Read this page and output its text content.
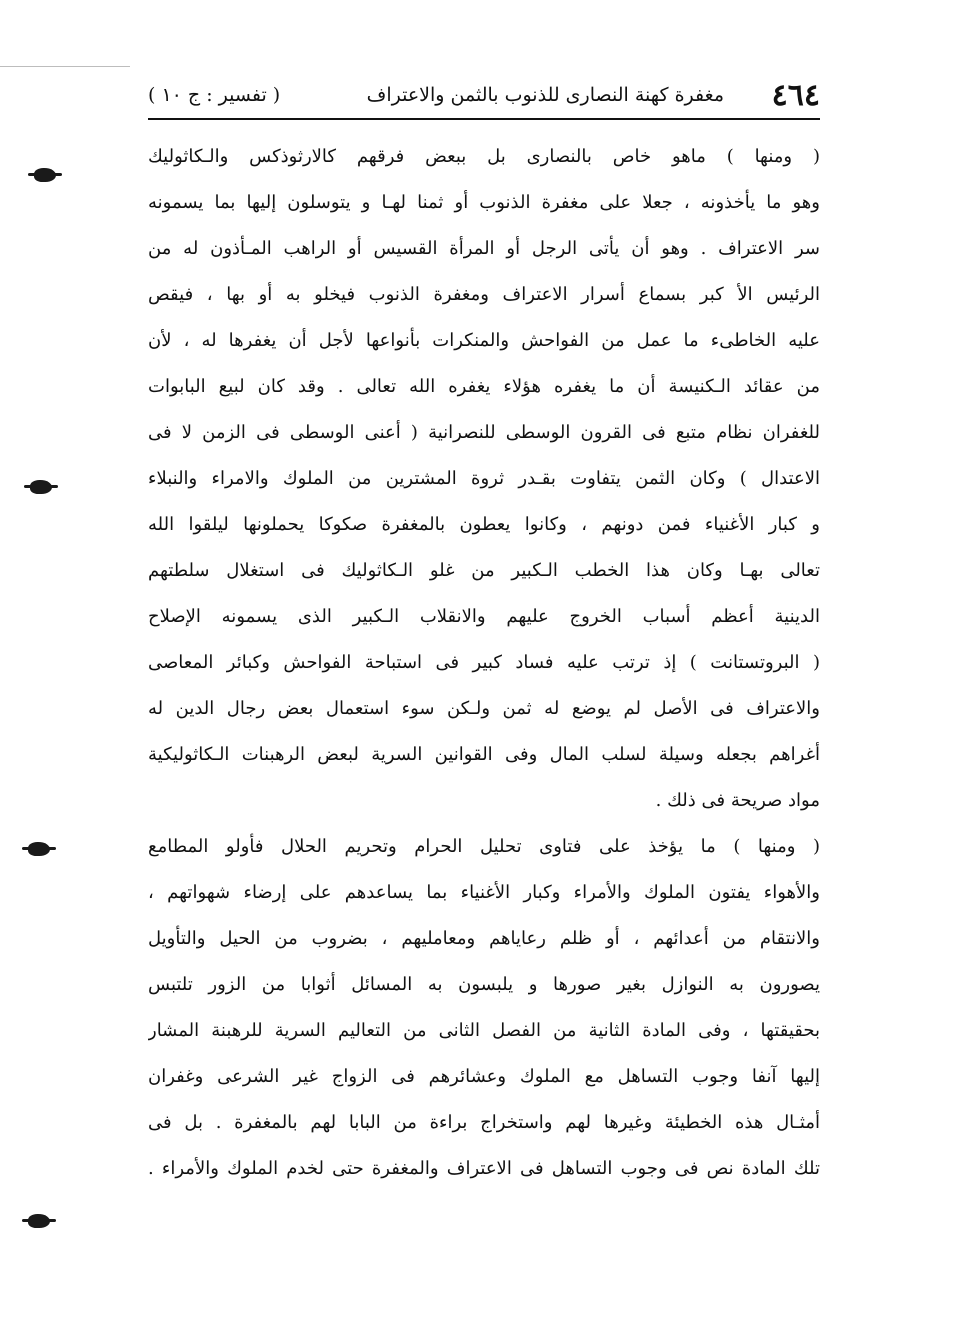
٤٦٤
مغفرة كهنة النصارى للذنوب بالثمن والاعتراف
( تفسير : ج ١٠ )
( ومنها ) ماهو خاص بالنصارى بل ببعض فرقهم كالارثوذكس والـكاثوليك
وهو ما يأخذونه ، جعلا على مغفرة الذنوب أو ثمنا لهـا و يتوسلون إليها بما يسمونه
سر الاعتراف . وهو أن يأتى الرجل أو المرأة القسيس أو الراهب المـأذون له من
الرئيس الأ كبر بسماع أسرار الاعتراف ومغفرة الذنوب فيخلو به أو بها ، فيقص
عليه الخاطىء ما عمل من الفواحش والمنكرات بأنواعها لأجل أن يغفرها له ، لأن
من عقائد الـكنيسة أن ما يغفره هؤلاء يغفره الله تعالى . وقد كان لبيع البابوات
للغفران نظام متبع فى القرون الوسطى للنصرانية ( أعنى الوسطى فى الزمن لا فى
الاعتدال ) وكان الثمن يتفاوت بقـدر ثروة المشترين من الملوك والامراء والنبلاء
و كبار الأغنياء فمن دونهم ، وكانوا يعطون بالمغفرة صكوكا يحملونها ليلقوا الله
تعالى بهـا وكان هذا الخطب الـكبير من غلو الـكاثوليك فى استغلال سلطتهم
الدينية أعظم أسباب الخروج عليهم والانقلاب الـكبير الذى يسمونه الإصلاح
( البروتستانت ) إذ ترتب عليه فساد كبير فى استباحة الفواحش وكبائر المعاصى
والاعتراف فى الأصل لم يوضع له ثمن ولـكن سوء استعمال بعض رجال الدين له
أغراهم بجعله وسيلة لسلب المال وفى القوانين السرية لبعض الرهبنات الـكاثوليكية
مواد صريحة فى ذلك .
( ومنها ) ما يؤخذ على فتاوى تحليل الحرام وتحريم الحلال فأولو المطامع
والأهواء يفتون الملوك والأمراء وكبار الأغنياء بما يساعدهم على إرضاء شهواتهم ،
والانتقام من أعدائهم ، أو ظلم رعاياهم ومعامليهم ، بضروب من الحيل والتأويل
يصورون به النوازل بغير صورها و يلبسون به المسائل أثوابا من الزور تلتبس
بحقيقتها ، وفى المادة الثانية من الفصل الثانى من التعاليم السرية للرهبنة المشار
إليها آنفا وجوب التساهل مع الملوك وعشائرهم فى الزواج غير الشرعى وغفران
أمثـال هذه الخطيئة وغيرها لهم واستخراج براءة من البابا لهم بالمغفرة . بل فى
تلك المادة نص فى وجوب التساهل فى الاعتراف والمغفرة حتى لخدم الملوك والأمراء .
